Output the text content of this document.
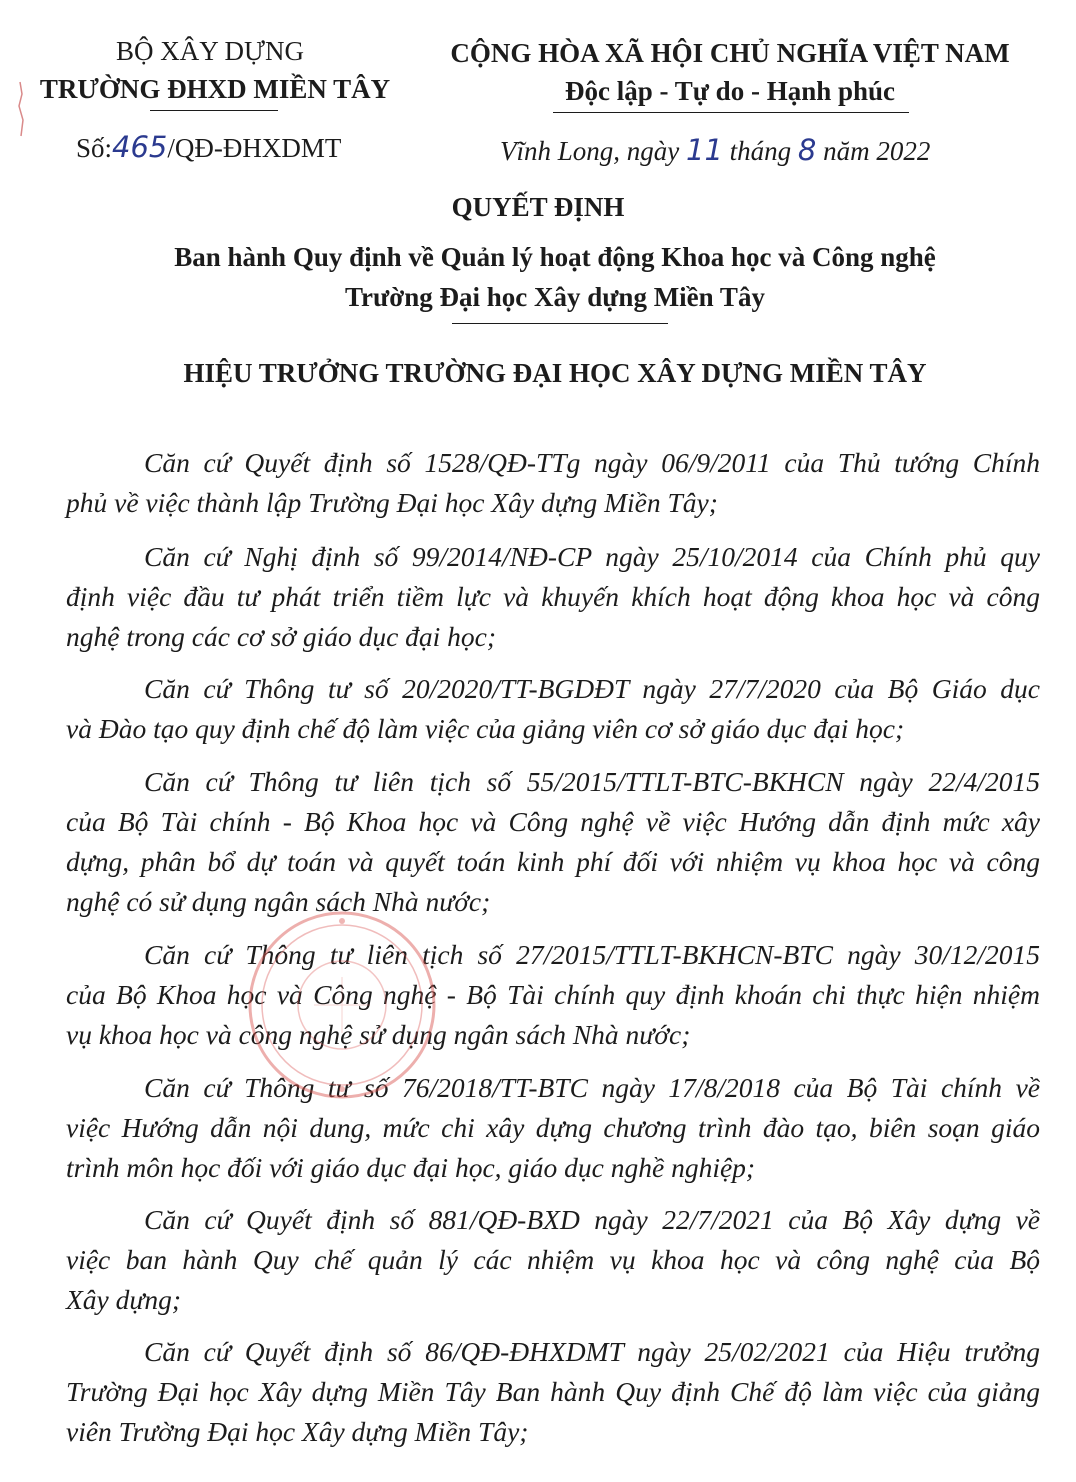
BỘ XÂY DỰNG
TRƯỜNG ĐHXD MIỀN TÂY
Số:465/QĐ-ĐHXDMT
CỘNG HÒA XÃ HỘI CHỦ NGHĨA VIỆT NAM
Độc lập - Tự do - Hạnh phúc
Vĩnh Long, ngày 11 tháng 8 năm 2022
QUYẾT ĐỊNH
Ban hành Quy định về Quản lý hoạt động Khoa học và Công nghệ
Trường Đại học Xây dựng Miền Tây
HIỆU TRƯỞNG TRƯỜNG ĐẠI HỌC XÂY DỰNG MIỀN TÂY
Căn cứ Quyết định số 1528/QĐ-TTg ngày 06/9/2011 của Thủ tướng Chính
phủ về việc thành lập Trường Đại học Xây dựng Miền Tây;
Căn cứ Nghị định số 99/2014/NĐ-CP ngày 25/10/2014 của Chính phủ quy
định việc đầu tư phát triển tiềm lực và khuyến khích hoạt động khoa học và công
nghệ trong các cơ sở giáo dục đại học;
Căn cứ Thông tư số 20/2020/TT-BGDĐT ngày 27/7/2020 của Bộ Giáo dục
và Đào tạo quy định chế độ làm việc của giảng viên cơ sở giáo dục đại học;
Căn cứ Thông tư liên tịch số 55/2015/TTLT-BTC-BKHCN ngày 22/4/2015
của Bộ Tài chính - Bộ Khoa học và Công nghệ về việc Hướng dẫn định mức xây
dựng, phân bổ dự toán và quyết toán kinh phí đối với nhiệm vụ khoa học và công
nghệ có sử dụng ngân sách Nhà nước;
Căn cứ Thông tư liên tịch số 27/2015/TTLT-BKHCN-BTC ngày 30/12/2015
của Bộ Khoa học và Công nghệ - Bộ Tài chính quy định khoán chi thực hiện nhiệm
vụ khoa học và công nghệ sử dụng ngân sách Nhà nước;
Căn cứ Thông tư số 76/2018/TT-BTC ngày 17/8/2018 của Bộ Tài chính về
việc Hướng dẫn nội dung, mức chi xây dựng chương trình đào tạo, biên soạn giáo
trình môn học đối với giáo dục đại học, giáo dục nghề nghiệp;
Căn cứ Quyết định số 881/QĐ-BXD ngày 22/7/2021 của Bộ Xây dựng về
việc ban hành Quy chế quản lý các nhiệm vụ khoa học và công nghệ của Bộ
Xây dựng;
Căn cứ Quyết định số 86/QĐ-ĐHXDMT ngày 25/02/2021 của Hiệu trưởng
Trường Đại học Xây dựng Miền Tây Ban hành Quy định Chế độ làm việc của giảng
viên Trường Đại học Xây dựng Miền Tây;
